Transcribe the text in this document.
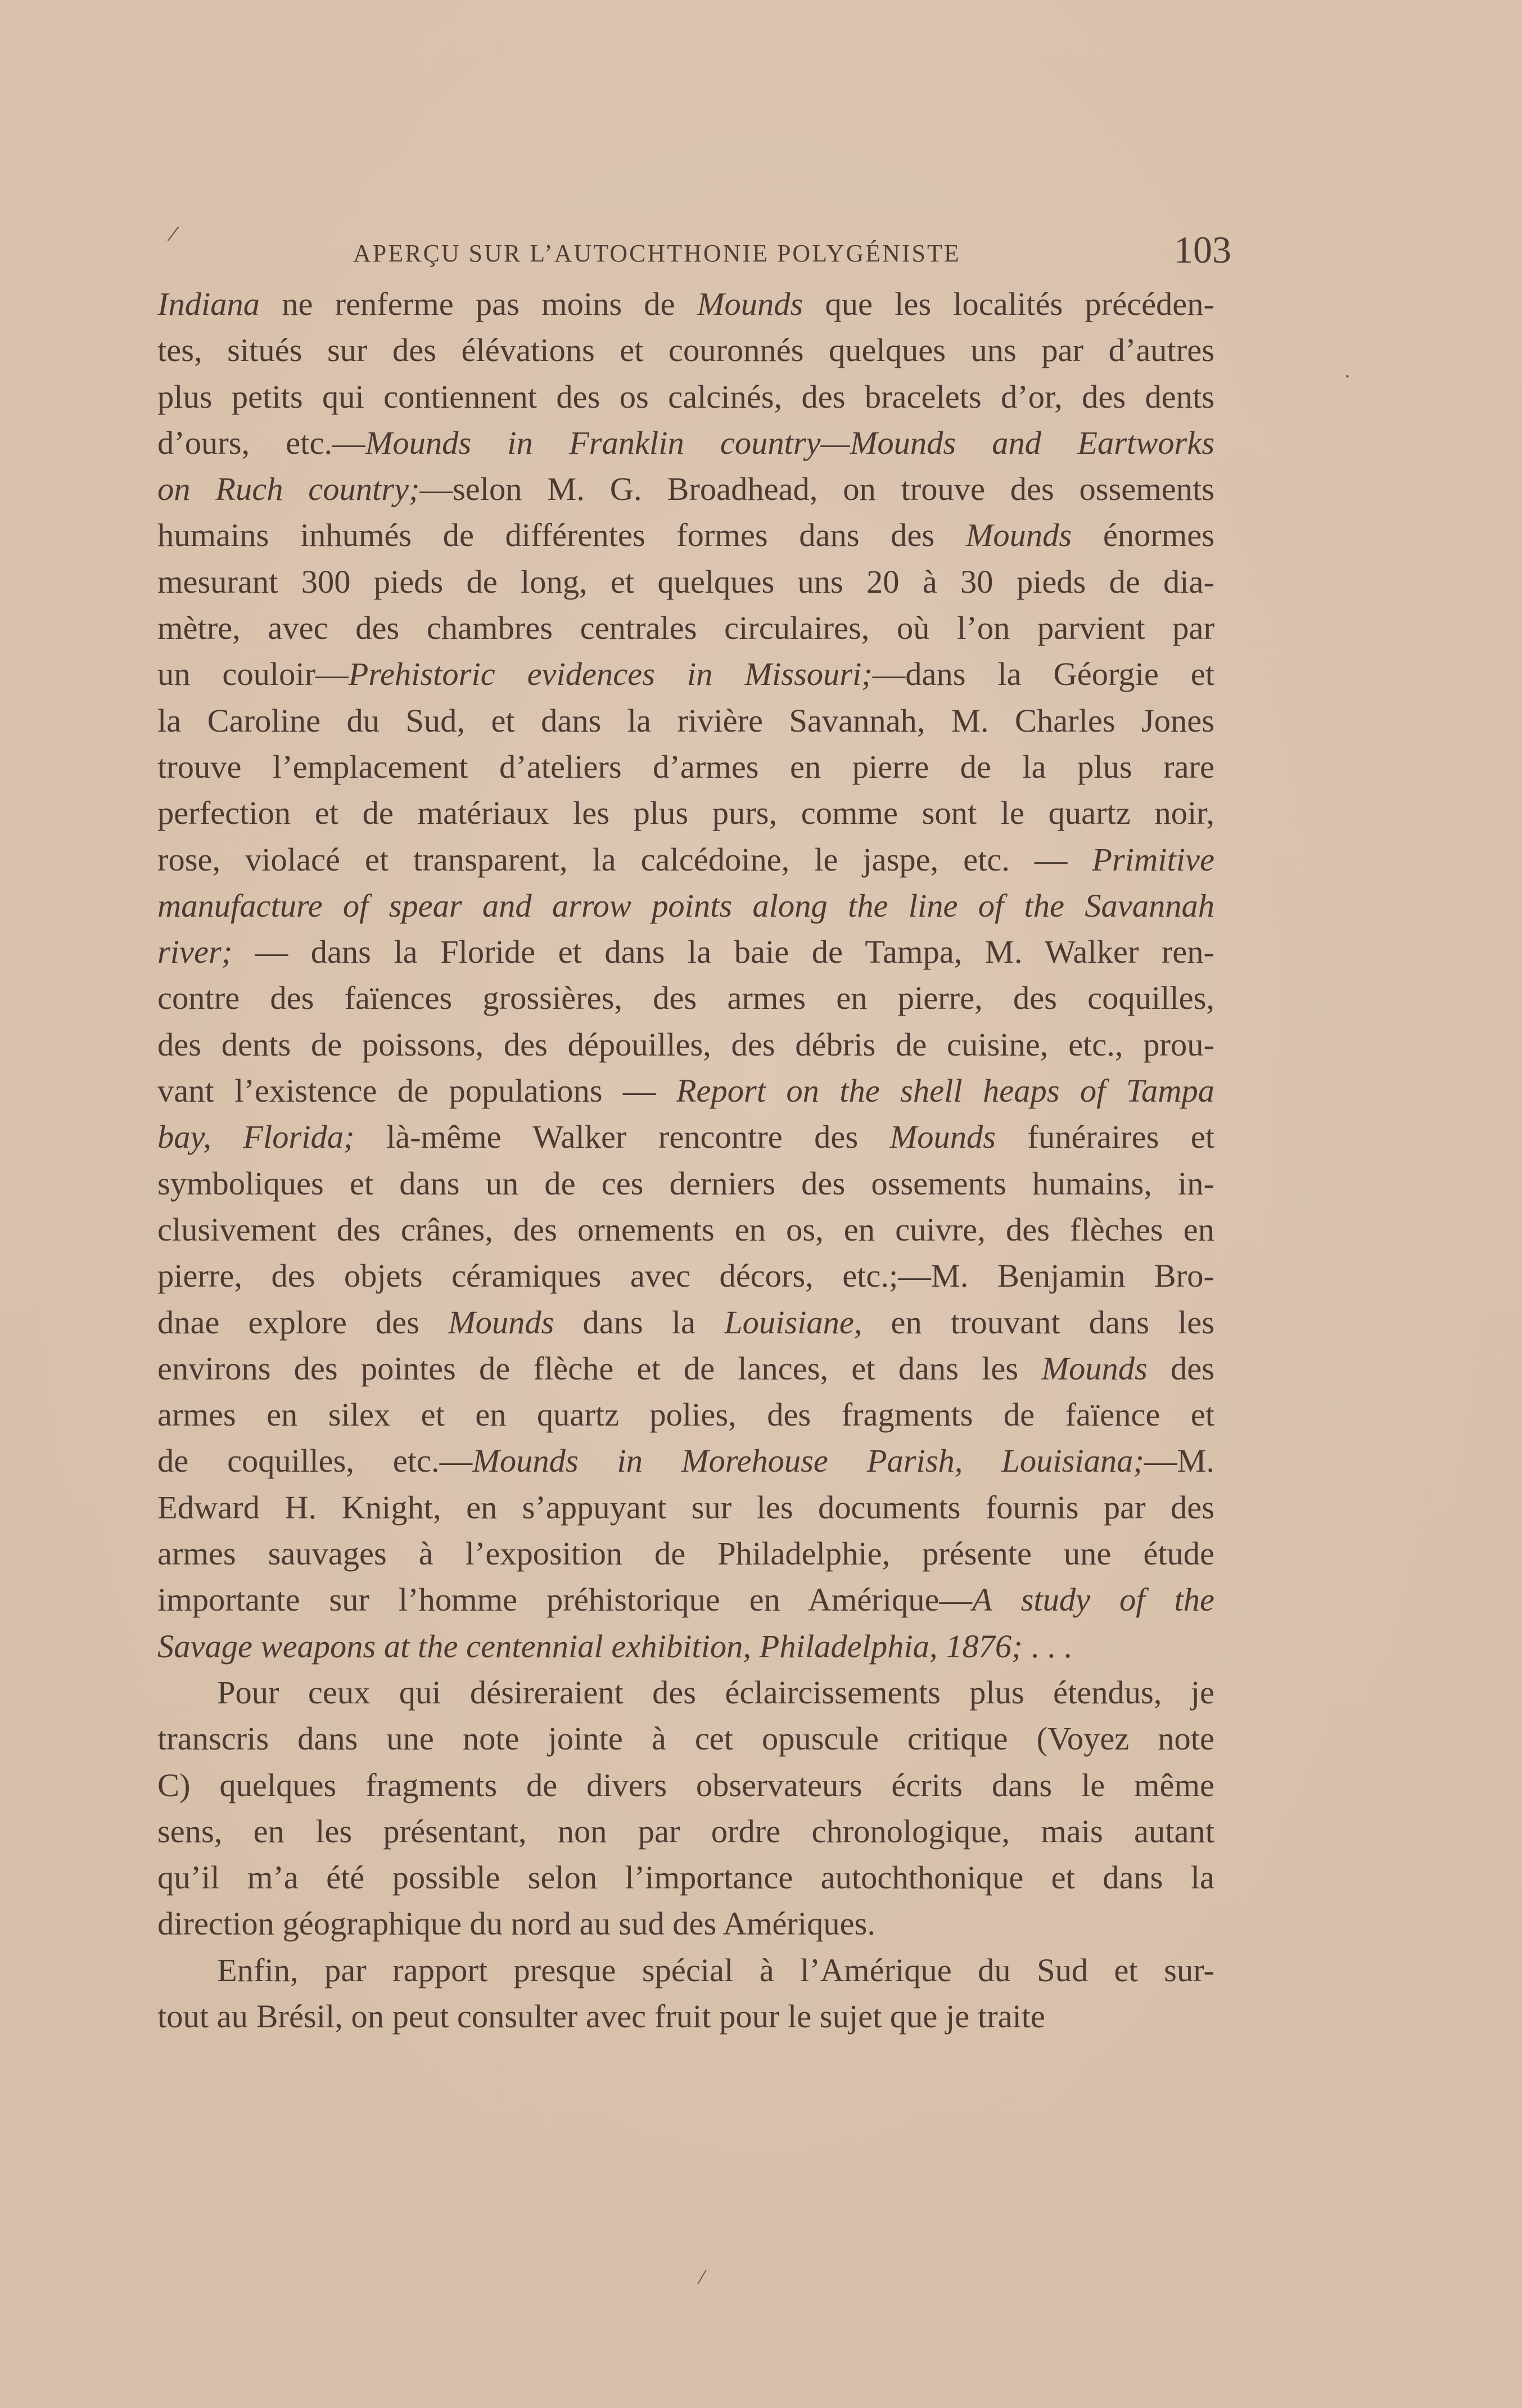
APERÇU SUR L’AUTOCHTHONIE POLYGÉNISTE	103
Indiana ne renferme pas moins de Mounds que les localités précéden-
tes, situés sur des élévations et couronnés quelques uns par d’autres
plus petits qui contiennent des os calcinés, des bracelets d’or, des dents
d’ours, etc.—Mounds in Franklin country—Mounds and Eartworks
on Ruch country;—selon M. G. Broadhead, on trouve des ossements
humains inhumés de différentes formes dans des Mounds énormes
mesurant 300 pieds de long, et quelques uns 20 à 30 pieds de dia-
mètre, avec des chambres centrales circulaires, où l’on parvient par
un couloir—Prehistoric evidences in Missouri;—dans la Géorgie et
la Caroline du Sud, et dans la rivière Savannah, M. Charles Jones
trouve l’emplacement d’ateliers d’armes en pierre de la plus rare
perfection et de matériaux les plus purs, comme sont le quartz noir,
rose, violacé et transparent, la calcédoine, le jaspe, etc. — Primitive
manufacture of spear and arrow points along the line of the Savannah
river; — dans la Floride et dans la baie de Tampa, M. Walker ren-
contre des faïences grossières, des armes en pierre, des coquilles,
des dents de poissons, des dépouilles, des débris de cuisine, etc., prou-
vant l’existence de populations — Report on the shell heaps of Tampa
bay, Florida; là-même Walker rencontre des Mounds funéraires et
symboliques et dans un de ces derniers des ossements humains, in-
clusivement des crânes, des ornements en os, en cuivre, des flèches en
pierre, des objets céramiques avec décors, etc.;—M. Benjamin Bro-
dnae explore des Mounds dans la Louisiane, en trouvant dans les
environs des pointes de flèche et de lances, et dans les Mounds des
armes en silex et en quartz polies, des fragments de faïence et
de coquilles, etc.—Mounds in Morehouse Parish, Louisiana;—M.
Edward H. Knight, en s’appuyant sur les documents fournis par des
armes sauvages à l’exposition de Philadelphie, présente une étude
importante sur l’homme préhistorique en Amérique—A study of the
Savage weapons at the centennial exhibition, Philadelphia, 1876; . . .
Pour ceux qui désireraient des éclaircissements plus étendus, je
transcris dans une note jointe à cet opuscule critique (Voyez note
C) quelques fragments de divers observateurs écrits dans le même
sens, en les présentant, non par ordre chronologique, mais autant
qu’il m’a été possible selon l’importance autochthonique et dans la
direction géographique du nord au sud des Amériques.
Enfin, par rapport presque spécial à l’Amérique du Sud et sur-
tout au Brésil, on peut consulter avec fruit pour le sujet que je traite
/
/
·
